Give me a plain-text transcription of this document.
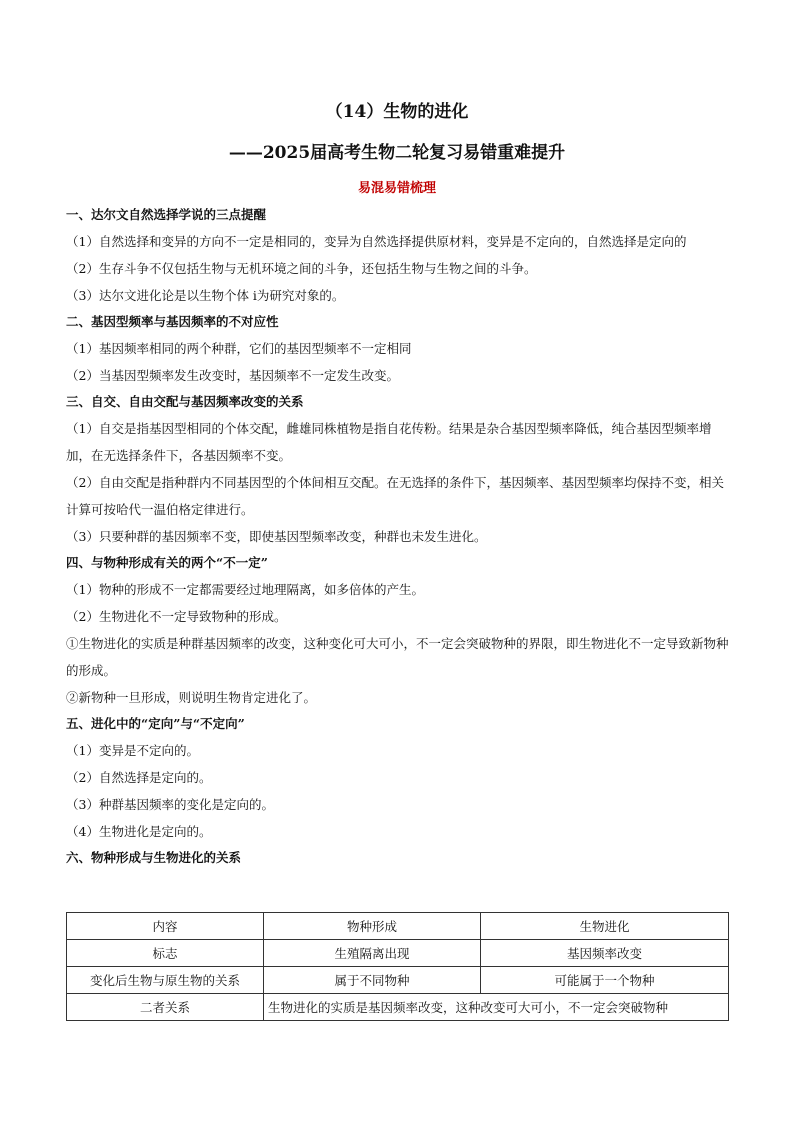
（14）生物的进化
——2025届高考生物二轮复习易错重难提升
易混易错梳理
一、达尔文自然选择学说的三点提醒
（1）自然选择和变异的方向不一定是相同的，变异为自然选择提供原材料，变异是不定向的，自然选择是定向的
（2）生存斗争不仅包括生物与无机环境之间的斗争，还包括生物与生物之间的斗争。
（3）达尔文进化论是以生物个体 i为研究对象的。
二、基因型频率与基因频率的不对应性
（1）基因频率相同的两个种群，它们的基因型频率不一定相同
（2）当基因型频率发生改变时，基因频率不一定发生改变。
三、自交、自由交配与基因频率改变的关系
（1）自交是指基因型相同的个体交配，雌雄同株植物是指自花传粉。结果是杂合基因型频率降低，纯合基因型频率增加，在无选择条件下，各基因频率不变。
（2）自由交配是指种群内不同基因型的个体间相互交配。在无选择的条件下，基因频率、基因型频率均保持不变，相关计算可按哈代一温伯格定律进行。
（3）只要种群的基因频率不变，即使基因型频率改变，种群也未发生进化。
四、与物种形成有关的两个“不一定”
（1）物种的形成不一定都需要经过地理隔离，如多倍体的产生。
（2）生物进化不一定导致物种的形成。
①生物进化的实质是种群基因频率的改变，这种变化可大可小，不一定会突破物种的界限，即生物进化不一定导致新物种的形成。
②新物种一旦形成，则说明生物肯定进化了。
五、进化中的“定向”与“不定向”
（1）变异是不定向的。
（2）自然选择是定向的。
（3）种群基因频率的变化是定向的。
（4）生物进化是定向的。
六、物种形成与生物进化的关系
内容	物种形成	生物进化
标志	生殖隔离出现	基因频率改变
变化后生物与原生物的关系	属于不同物种	可能属于一个物种
二者关系	生物进化的实质是基因频率改变，这种改变可大可小，不一定会突破物种	
